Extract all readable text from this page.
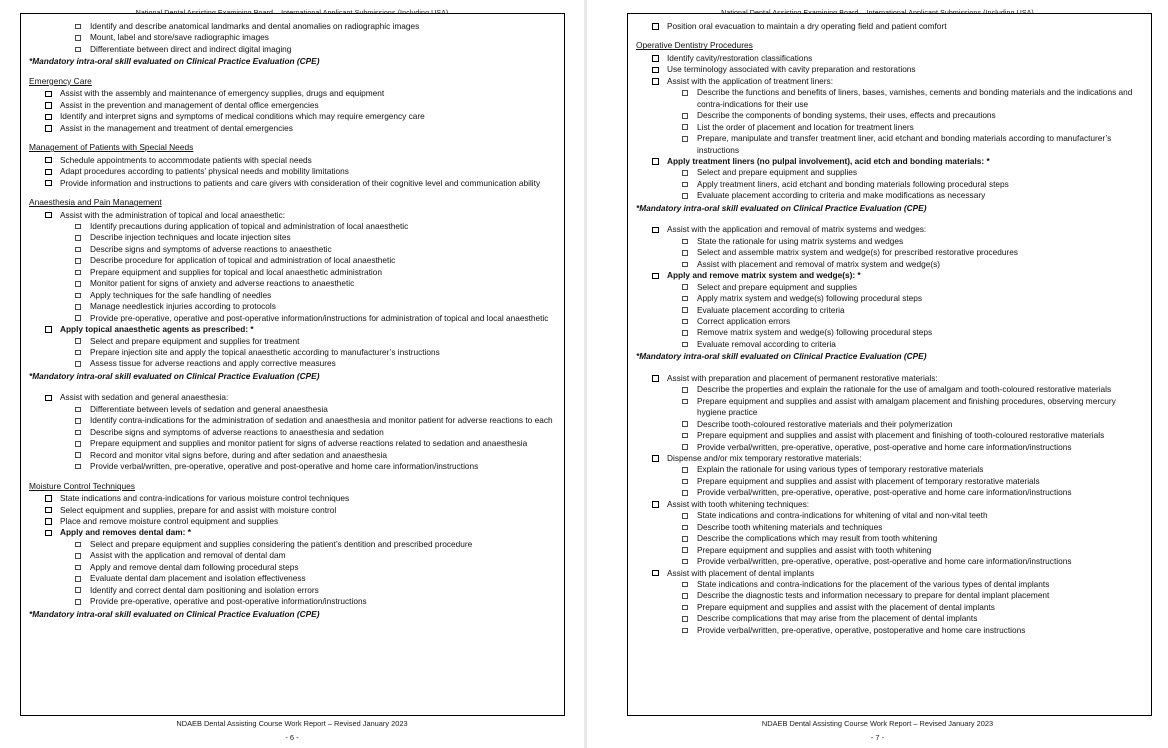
Identify and describe anatomical landmarks and dental anomalies on radiographic images
Mount, label and store/save radiographic images
Differentiate between direct and indirect digital imaging
*Mandatory intra-oral skill evaluated on Clinical Practice Evaluation (CPE)
Emergency Care
Assist with the assembly and maintenance of emergency supplies, drugs and equipment
Assist in the prevention and management of dental office emergencies
Identify and interpret signs and symptoms of medical conditions which may require emergency care
Assist in the management and treatment of dental emergencies
Management of Patients with Special Needs
Schedule appointments to accommodate patients with special needs
Adapt procedures according to patients’ physical needs and mobility limitations
Provide information and instructions to patients and care givers with consideration of their cognitive level and communication ability
Anaesthesia and Pain Management
Assist with the administration of topical and local anaesthetic:
Identify precautions during application of topical and administration of local anaesthetic
Describe injection techniques and locate injection sites
Describe signs and symptoms of adverse reactions to anaesthetic
Describe procedure for application of topical and administration of local anaesthetic
Prepare equipment and supplies for topical and local anaesthetic administration
Monitor patient for signs of anxiety and adverse reactions to anaesthetic
Apply techniques for the safe handling of needles
Manage needlestick injuries according to protocols
Provide pre-operative, operative and post-operative information/instructions for administration of topical and local anaesthetic
Apply topical anaesthetic agents as prescribed: *
Select and prepare equipment and supplies for treatment
Prepare injection site and apply the topical anaesthetic according to manufacturer’s instructions
Assess tissue for adverse reactions and apply corrective measures
*Mandatory intra-oral skill evaluated on Clinical Practice Evaluation (CPE)
Assist with sedation and general anaesthesia:
Differentiate between levels of sedation and general anaesthesia
Identify contra-indications for the administration of sedation and anaesthesia and monitor patient for adverse reactions to each
Describe signs and symptoms of adverse reactions to anaesthesia and sedation
Prepare equipment and supplies and monitor patient for signs of adverse reactions related to sedation and anaesthesia
Record and monitor vital signs before, during and after sedation and anaesthesia
Provide verbal/written, pre-operative, operative and post-operative and home care information/instructions
Moisture Control Techniques
State indications and contra-indications for various moisture control techniques
Select equipment and supplies, prepare for and assist with moisture control
Place and remove moisture control equipment and supplies
Apply and removes dental dam: *
Select and prepare equipment and supplies considering the patient’s dentition and prescribed procedure
Assist with the application and removal of dental dam
Apply and remove dental dam following procedural steps
Evaluate dental dam placement and isolation effectiveness
Identify and correct dental dam positioning and isolation errors
Provide pre-operative, operative and post-operative information/instructions
*Mandatory intra-oral skill evaluated on Clinical Practice Evaluation (CPE)
NDAEB Dental Assisting Course Work Report – Revised January 2023
- 6 -
Position oral evacuation to maintain a dry operating field and patient comfort
Operative Dentistry Procedures
Identify cavity/restoration classifications
Use terminology associated with cavity preparation and restorations
Assist with the application of treatment liners:
Describe the functions and benefits of liners, bases, varnishes, cements and bonding materials and the indications and contra-indications for their use
Describe the components of bonding systems, their uses, effects and precautions
List the order of placement and location for treatment liners
Prepare, manipulate and transfer treatment liner, acid etchant and bonding materials according to manufacturer’s instructions
Apply treatment liners (no pulpal involvement), acid etch and bonding materials: *
Select and prepare equipment and supplies
Apply treatment liners, acid etchant and bonding materials following procedural steps
Evaluate placement according to criteria and make modifications as necessary
*Mandatory intra-oral skill evaluated on Clinical Practice Evaluation (CPE)
Assist with the application and removal of matrix systems and wedges:
State the rationale for using matrix systems and wedges
Select and assemble matrix system and wedge(s) for prescribed restorative procedures
Assist with placement and removal of matrix system and wedge(s)
Apply and remove matrix system and wedge(s): *
Select and prepare equipment and supplies
Apply matrix system and wedge(s) following procedural steps
Evaluate placement according to criteria
Correct application errors
Remove matrix system and wedge(s) following procedural steps
Evaluate removal according to criteria
*Mandatory intra-oral skill evaluated on Clinical Practice Evaluation (CPE)
Assist with preparation and placement of permanent restorative materials:
Describe the properties and explain the rationale for the use of amalgam and tooth-coloured restorative materials
Prepare equipment and supplies and assist with amalgam placement and finishing procedures, observing mercury hygiene practice
Describe tooth-coloured restorative materials and their polymerization
Prepare equipment and supplies and assist with placement and finishing of tooth-coloured restorative materials
Provide verbal/written, pre-operative, operative, post-operative and home care information/instructions
Dispense and/or mix temporary restorative materials:
Explain the rationale for using various types of temporary restorative materials
Prepare equipment and supplies and assist with placement of temporary restorative materials
Provide verbal/written, pre-operative, operative, post-operative and home care information/instructions
Assist with tooth whitening techniques:
State indications and contra-indications for whitening of vital and non-vital teeth
Describe tooth whitening materials and techniques
Describe the complications which may result from tooth whitening
Prepare equipment and supplies and assist with tooth whitening
Provide verbal/written, pre-operative, operative, post-operative and home care information/instructions
Assist with placement of dental implants
State indications and contra-indications for the placement of the various types of dental implants
Describe the diagnostic tests and information necessary to prepare for dental implant placement
Prepare equipment and supplies and assist with the placement of dental implants
Describe complications that may arise from the placement of dental implants
Provide verbal/written, pre-operative, operative, postoperative and home care instructions
NDAEB Dental Assisting Course Work Report – Revised January 2023
- 7 -
